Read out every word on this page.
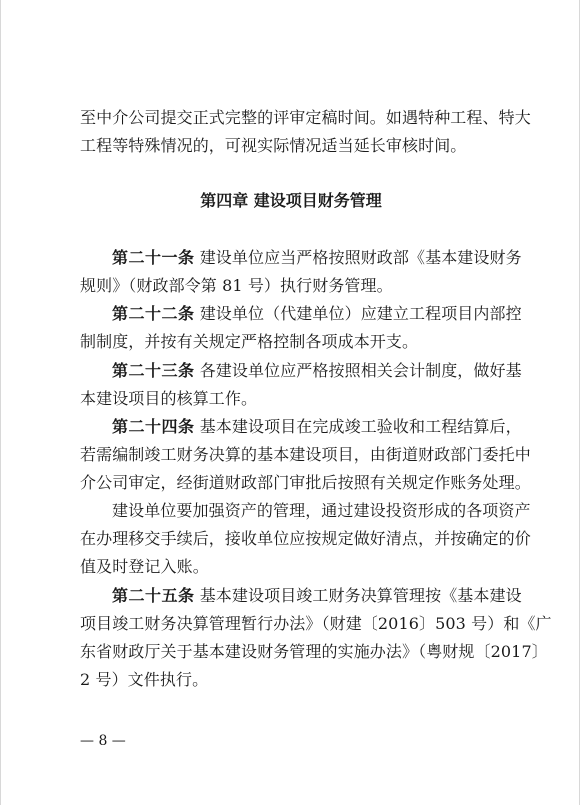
至中介公司提交正式完整的评审定稿时间。如遇特种工程、特大
工程等特殊情况的，可视实际情况适当延长审核时间。
第四章 建设项目财务管理
第二十一条 建设单位应当严格按照财政部《基本建设财务
规则》（财政部令第 81 号）执行财务管理。
第二十二条 建设单位（代建单位）应建立工程项目内部控
制制度，并按有关规定严格控制各项成本开支。
第二十三条 各建设单位应严格按照相关会计制度，做好基
本建设项目的核算工作。
第二十四条 基本建设项目在完成竣工验收和工程结算后，
若需编制竣工财务决算的基本建设项目，由街道财政部门委托中
介公司审定，经街道财政部门审批后按照有关规定作账务处理。
建设单位要加强资产的管理，通过建设投资形成的各项资产
在办理移交手续后，接收单位应按规定做好清点，并按确定的价
值及时登记入账。
第二十五条 基本建设项目竣工财务决算管理按《基本建设
项目竣工财务决算管理暂行办法》（财建〔2016〕503 号）和《广
东省财政厅关于基本建设财务管理的实施办法》（粤财规〔2017〕
2 号）文件执行。
— 8 —
